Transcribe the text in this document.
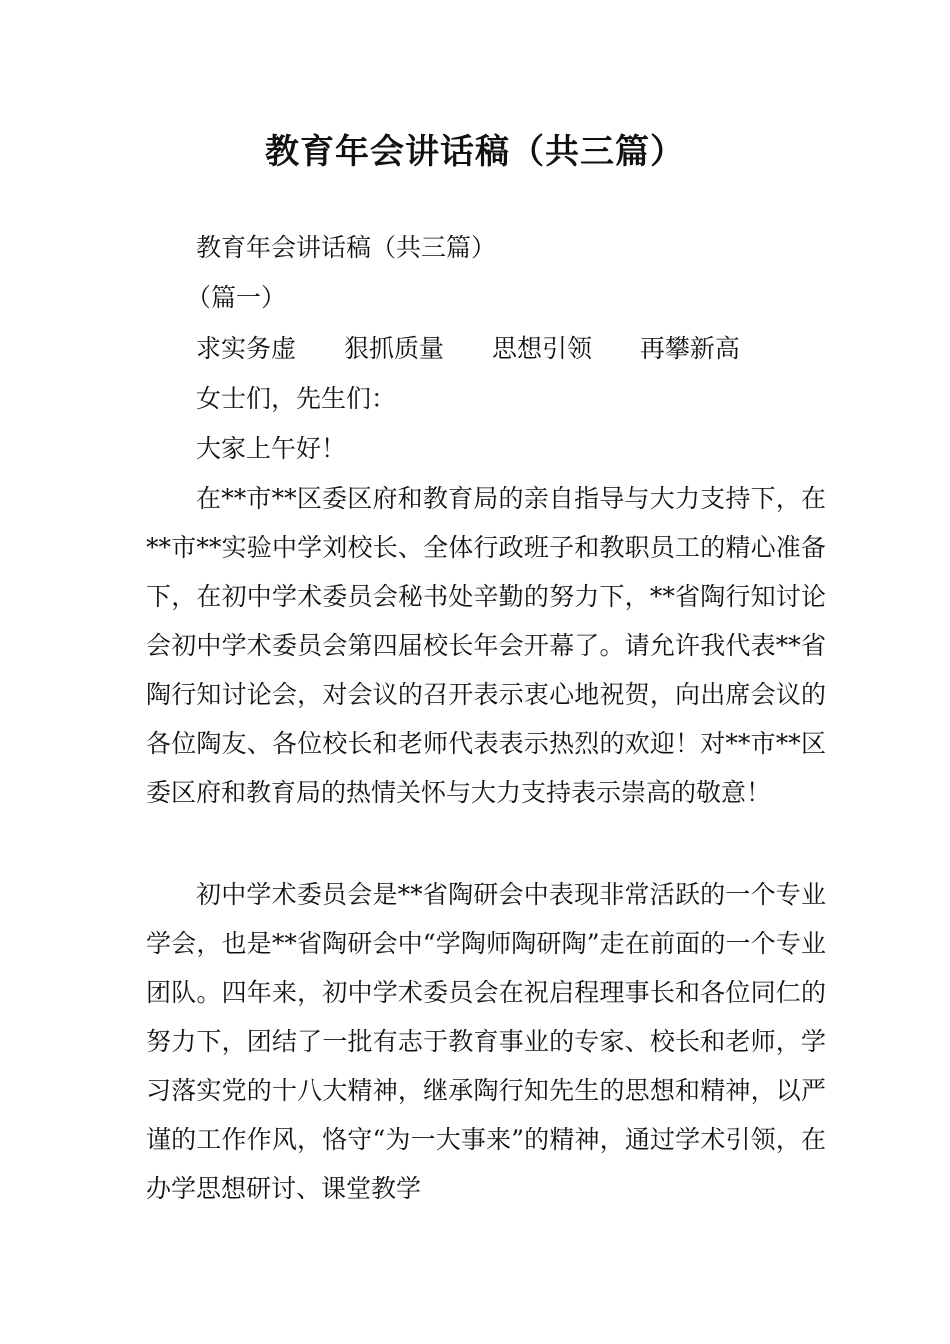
教育年会讲话稿（共三篇）

教育年会讲话稿（共三篇）

（篇一）

求实务虚 狠抓质量 思想引领 再攀新高

女士们，先生们：

大家上午好！

在**市**区委区府和教育局的亲自指导与大力支持下，在**市**实验中学刘校长、全体行政班子和教职员工的精心准备下，在初中学术委员会秘书处辛勤的努力下，**省陶行知讨论会初中学术委员会第四届校长年会开幕了。请允许我代表**省陶行知讨论会，对会议的召开表示衷心地祝贺，向出席会议的各位陶友、各位校长和老师代表表示热烈的欢迎！对**市**区委区府和教育局的热情关怀与大力支持表示崇高的敬意！

初中学术委员会是**省陶研会中表现非常活跃的一个专业学会，也是**省陶研会中“学陶师陶研陶”走在前面的一个专业团队。四年来，初中学术委员会在祝启程理事长和各位同仁的努力下，团结了一批有志于教育事业的专家、校长和老师，学习落实党的十八大精神，继承陶行知先生的思想和精神，以严谨的工作作风，恪守“为一大事来”的精神，通过学术引领，在办学思想研讨、课堂教学
